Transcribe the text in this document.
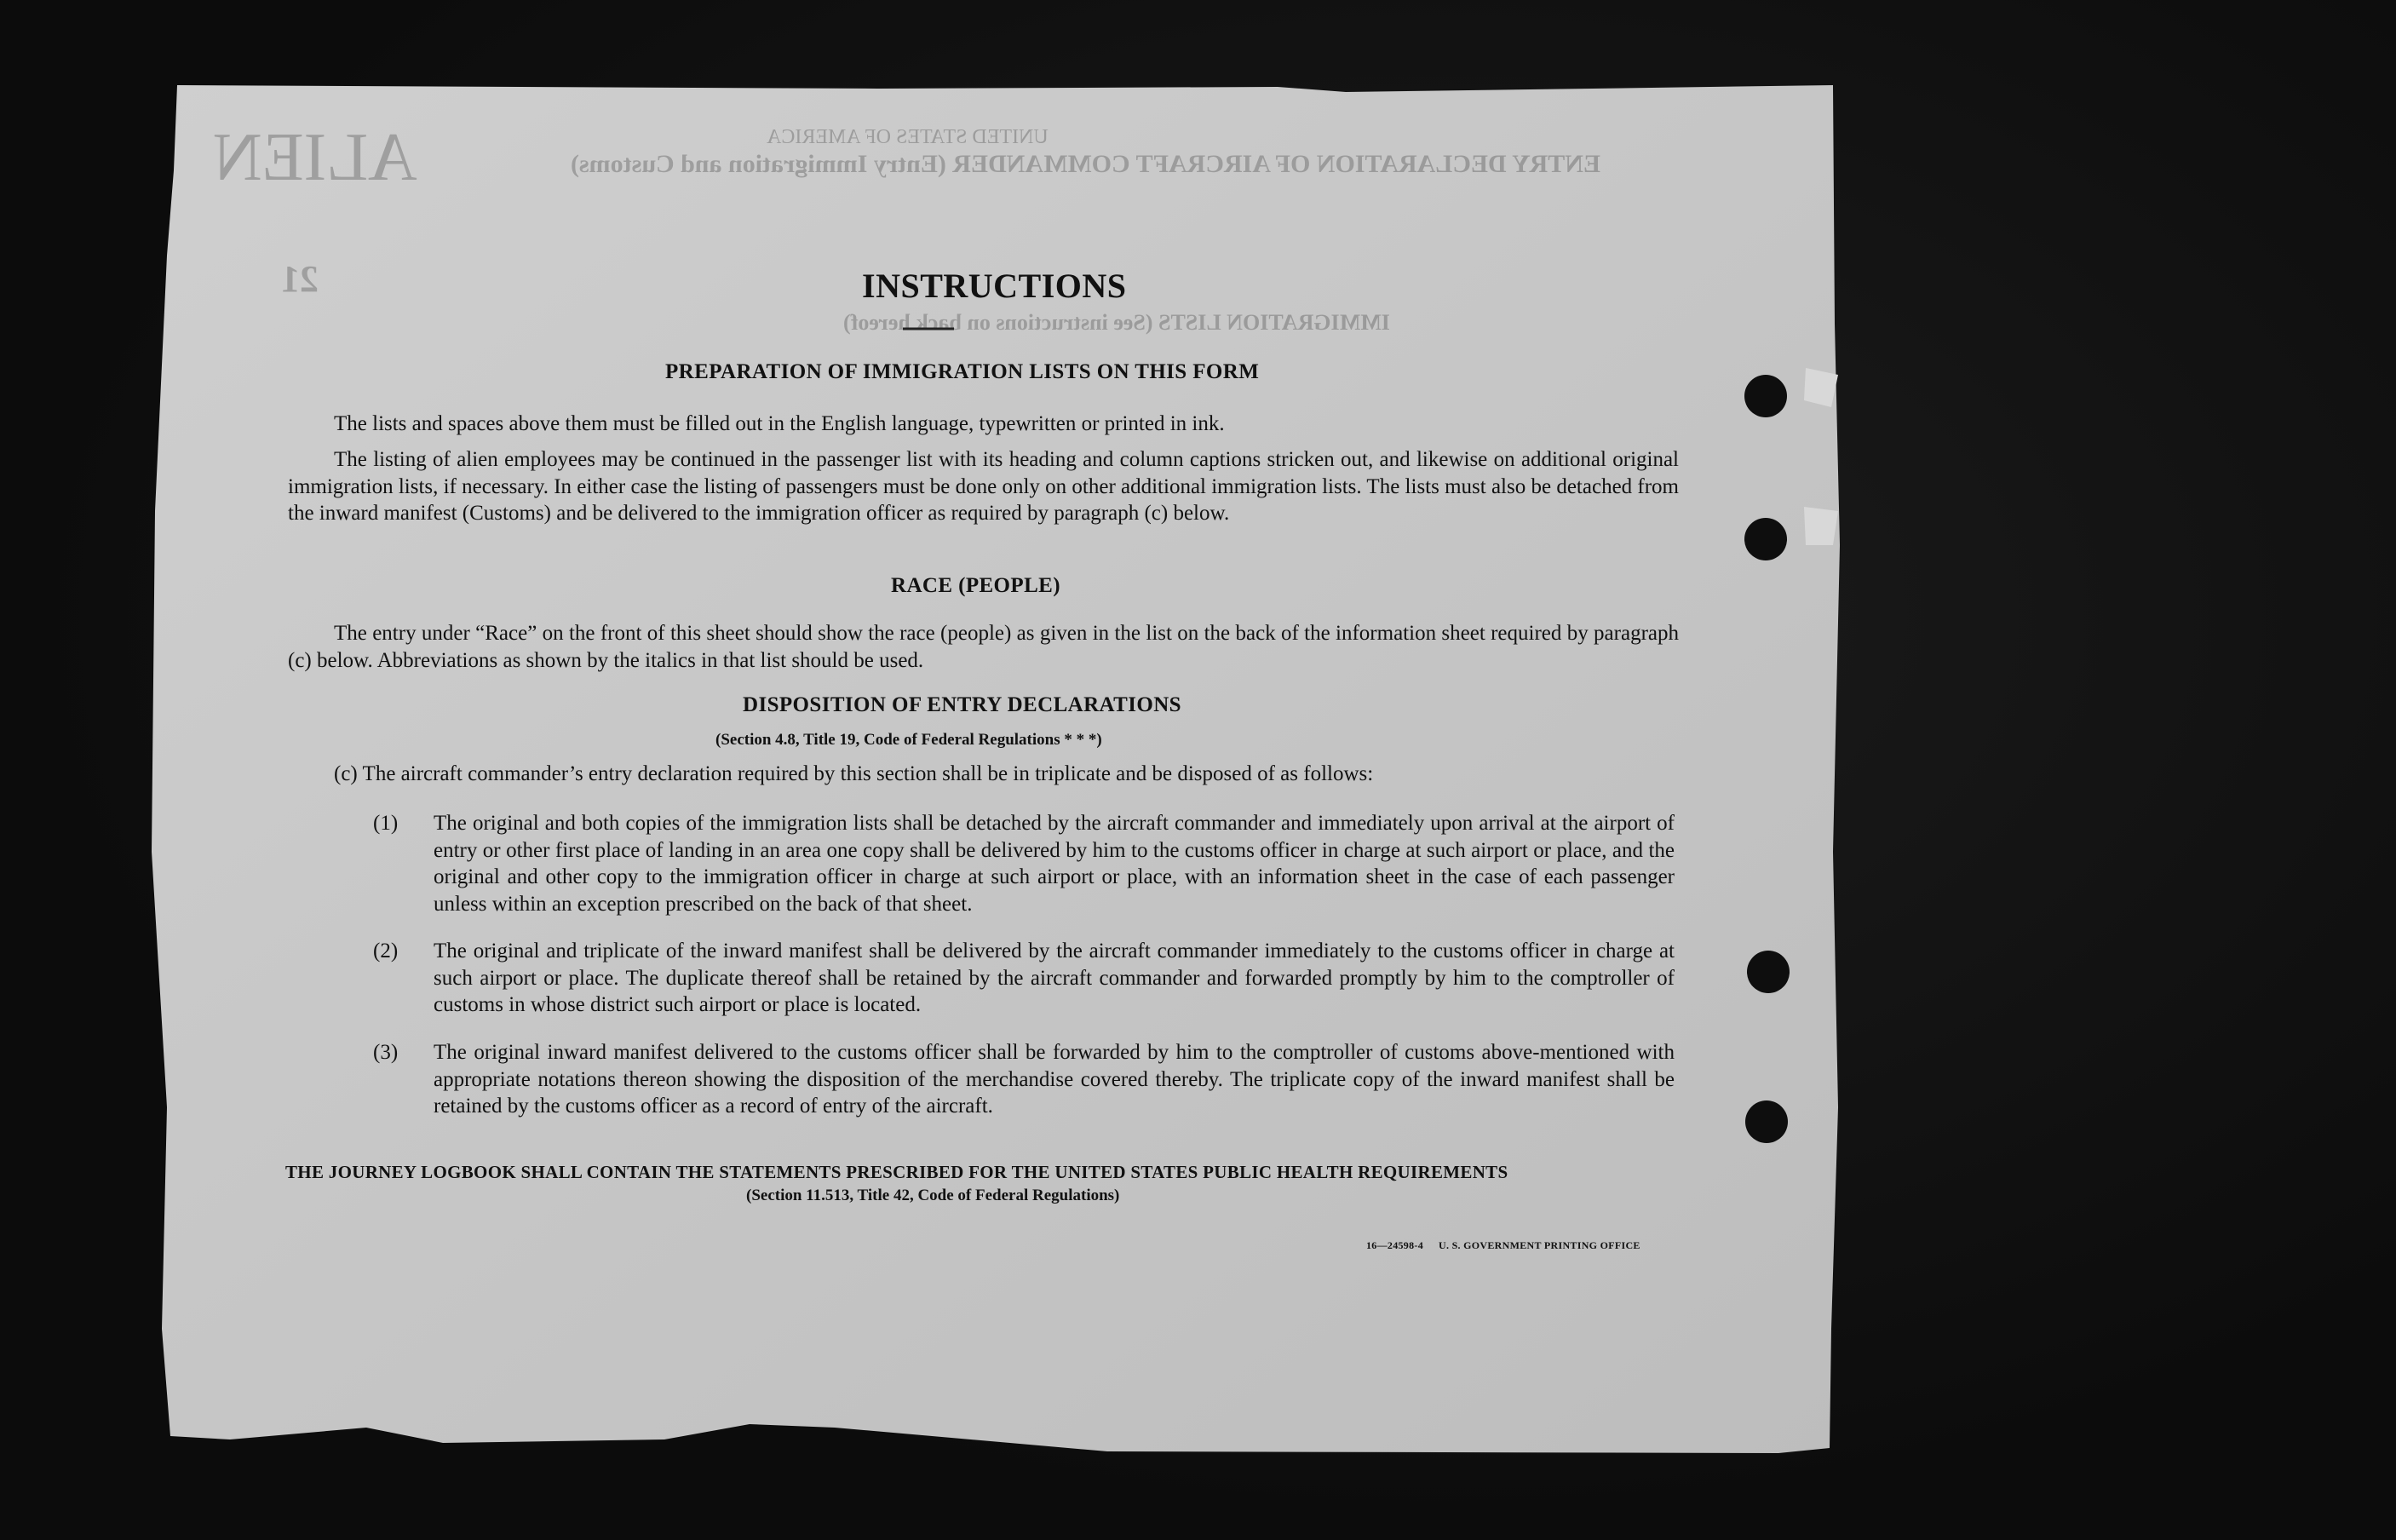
UNITED STATES OF AMERICA
ENTRY DECLARATION OF AIRCRAFT COMMANDER (Entry Immigration and Customs)
ALIEN
IMMIGRATION LISTS (See instructions on back hereof)
21	INSTRUCTIONS
PREPARATION OF IMMIGRATION LISTS ON THIS FORM
The lists and spaces above them must be filled out in the English language, typewritten or printed in ink.
The listing of alien employees may be continued in the passenger list with its heading and column captions stricken out, and likewise on additional original immigration lists, if necessary. In either case the listing of passengers must be done only on other additional immigration lists. The lists must also be detached from the inward manifest (Customs) and be delivered to the immigration officer as required by paragraph (c) below.
RACE (PEOPLE)
The entry under “Race” on the front of this sheet should show the race (people) as given in the list on the back of the information sheet required by paragraph (c) below. Abbreviations as shown by the italics in that list should be used.
DISPOSITION OF ENTRY DECLARATIONS
(Section 4.8, Title 19, Code of Federal Regulations * * *)
(c) The aircraft commander’s entry declaration required by this section shall be in triplicate and be disposed of as follows:
(1) The original and both copies of the immigration lists shall be detached by the aircraft commander and immediately upon arrival at the airport of entry or other first place of landing in an area one copy shall be delivered by him to the customs officer in charge at such airport or place, and the original and other copy to the immigration officer in charge at such airport or place, with an information sheet in the case of each passenger unless within an exception prescribed on the back of that sheet.
(2) The original and triplicate of the inward manifest shall be delivered by the aircraft commander immediately to the customs officer in charge at such airport or place. The duplicate thereof shall be retained by the aircraft commander and forwarded promptly by him to the comptroller of customs in whose district such airport or place is located.
(3) The original inward manifest delivered to the customs officer shall be forwarded by him to the comptroller of customs above-mentioned with appropriate notations thereon showing the disposition of the merchandise covered thereby. The triplicate copy of the inward manifest shall be retained by the customs officer as a record of entry of the aircraft.
THE JOURNEY LOGBOOK SHALL CONTAIN THE STATEMENTS PRESCRIBED FOR THE UNITED STATES PUBLIC HEALTH REQUIREMENTS
(Section 11.513, Title 42, Code of Federal Regulations)
16—24598-4 U. S. GOVERNMENT PRINTING OFFICE
